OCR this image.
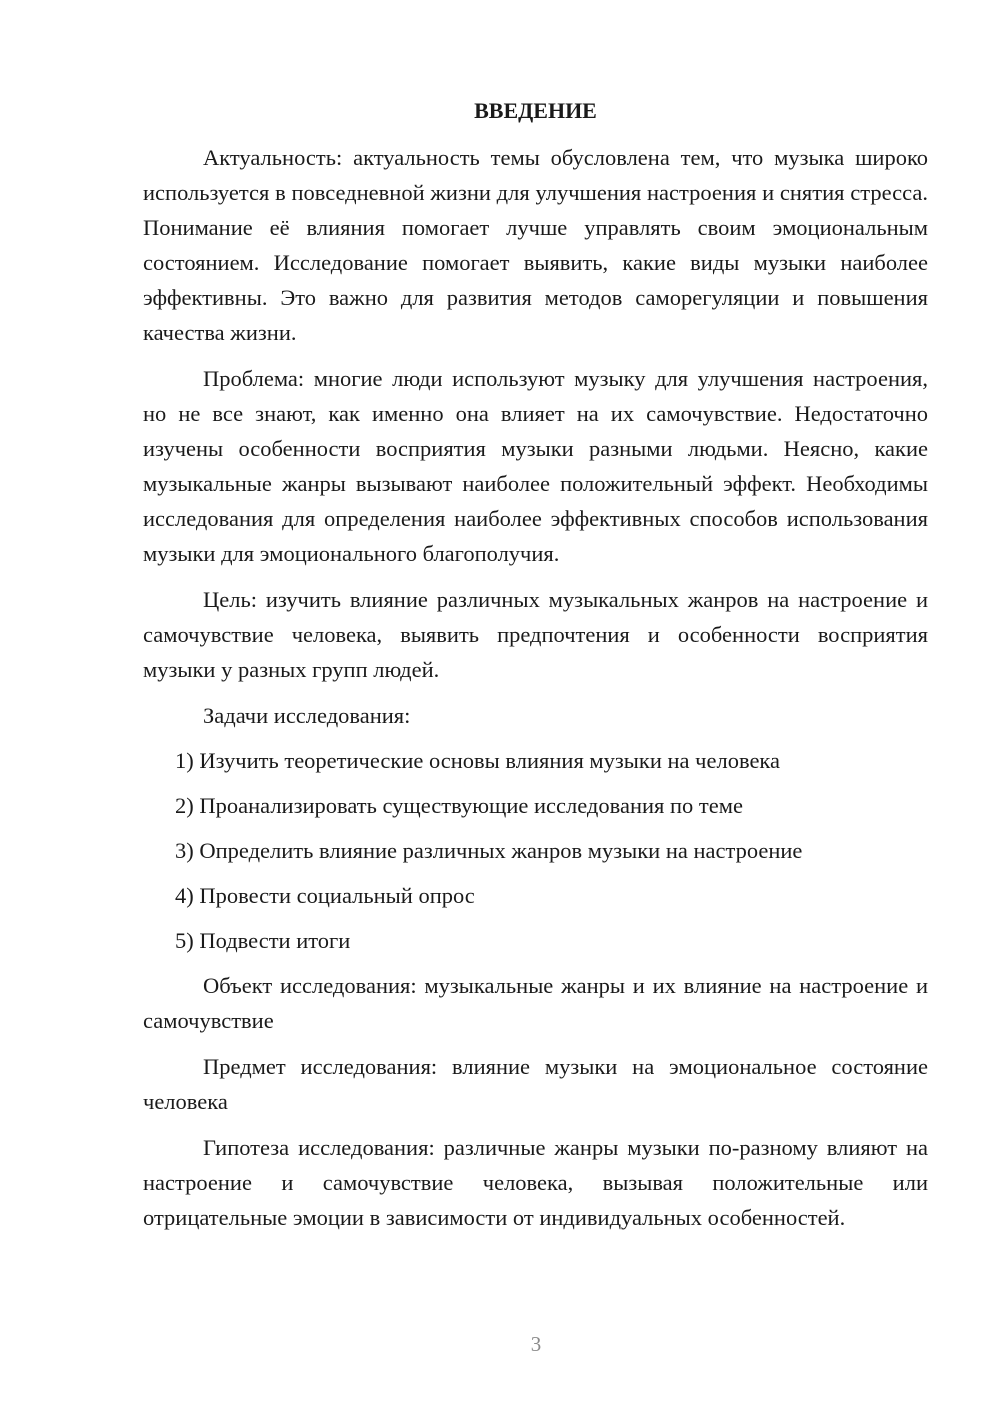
ВВЕДЕНИЕ

Актуальность: актуальность темы обусловлена тем, что музыка широко используется в повседневной жизни для улучшения настроения и снятия стресса. Понимание её влияния помогает лучше управлять своим эмоциональным состоянием. Исследование помогает выявить, какие виды музыки наиболее эффективны. Это важно для развития методов саморегуляции и повышения качества жизни.

Проблема: многие люди используют музыку для улучшения настроения, но не все знают, как именно она влияет на их самочувствие. Недостаточно изучены особенности восприятия музыки разными людьми. Неясно, какие музыкальные жанры вызывают наиболее положительный эффект. Необходимы исследования для определения наиболее эффективных способов использования музыки для эмоционального благополучия.

Цель: изучить влияние различных музыкальных жанров на настроение и самочувствие человека, выявить предпочтения и особенности восприятия музыки у разных групп людей.

Задачи исследования:

1) Изучить теоретические основы влияния музыки на человека

2) Проанализировать существующие исследования по теме

3) Определить влияние различных жанров музыки на настроение

4) Провести социальный опрос

5) Подвести итоги

Объект исследования: музыкальные жанры и их влияние на настроение и самочувствие

Предмет исследования: влияние музыки на эмоциональное состояние человека

Гипотеза исследования: различные жанры музыки по-разному влияют на настроение и самочувствие человека, вызывая положительные или отрицательные эмоции в зависимости от индивидуальных особенностей.

3
